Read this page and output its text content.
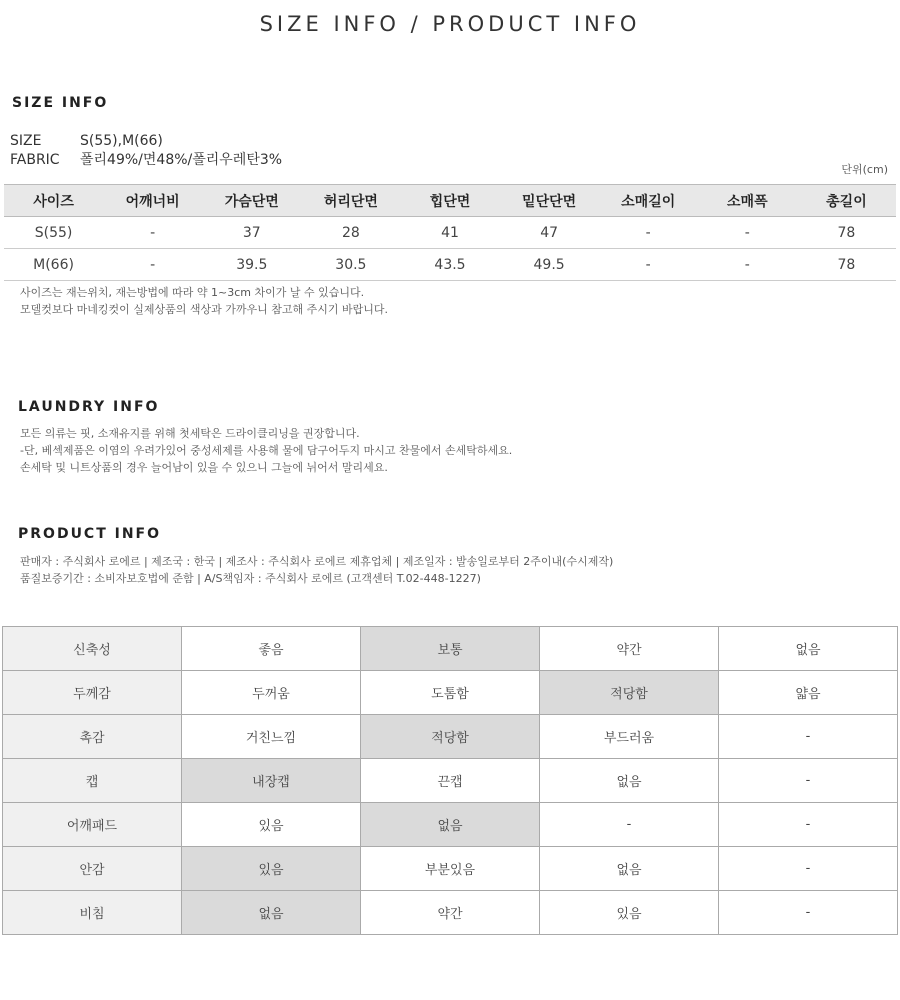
SIZE INFO / PRODUCT INFO
SIZE INFO
SIZE	S(55),M(66)
FABRIC 폴리49%/면48%/폴리우레탄3%
단위(cm)
사이즈	어깨너비	가슴단면	허리단면	힙단면	밑단단면	소매길이	소매폭	총길이
S(55)	-	37	28	41	47	-	-	78
M(66)	-	39.5	30.5	43.5	49.5	-	-	78
사이즈는 재는위치, 재는방법에 따라 약 1~3cm 차이가 날 수 있습니다.
모델컷보다 마네킹컷이 실제상품의 색상과 가까우니 참고해 주시기 바랍니다.
LAUNDRY INFO
모든 의류는 핏, 소재유지를 위해 첫세탁은 드라이클리닝을 권장합니다.
-단, 베섹제품은 이염의 우려가있어 중성세제를 사용해 물에 담구어두지 마시고 찬물에서 손세탁하세요.
손세탁 및 니트상품의 경우 늘어남이 있을 수 있으니 그늘에 뉘어서 말리세요.
PRODUCT INFO
판매자 : 주식회사 로에르 | 제조국 : 한국 | 제조사 : 주식회사 로에르 제휴업체 | 제조일자 : 발송일로부터 2주이내(수시제작)
품질보증기간 : 소비자보호법에 준함 | A/S책임자 : 주식회사 로에르 (고객센터 T.02-448-1227)
신축성	좋음	보통	약간	없음
두께감	두꺼움	도톰함	적당함	얇음
촉감	거친느낌	적당함	부드러움	-
캡	내장캡	끈캡	없음	-
어깨패드	있음	없음	-	-
안감	있음	부분있음	없음	-
비침	없음	약간	있음	-
